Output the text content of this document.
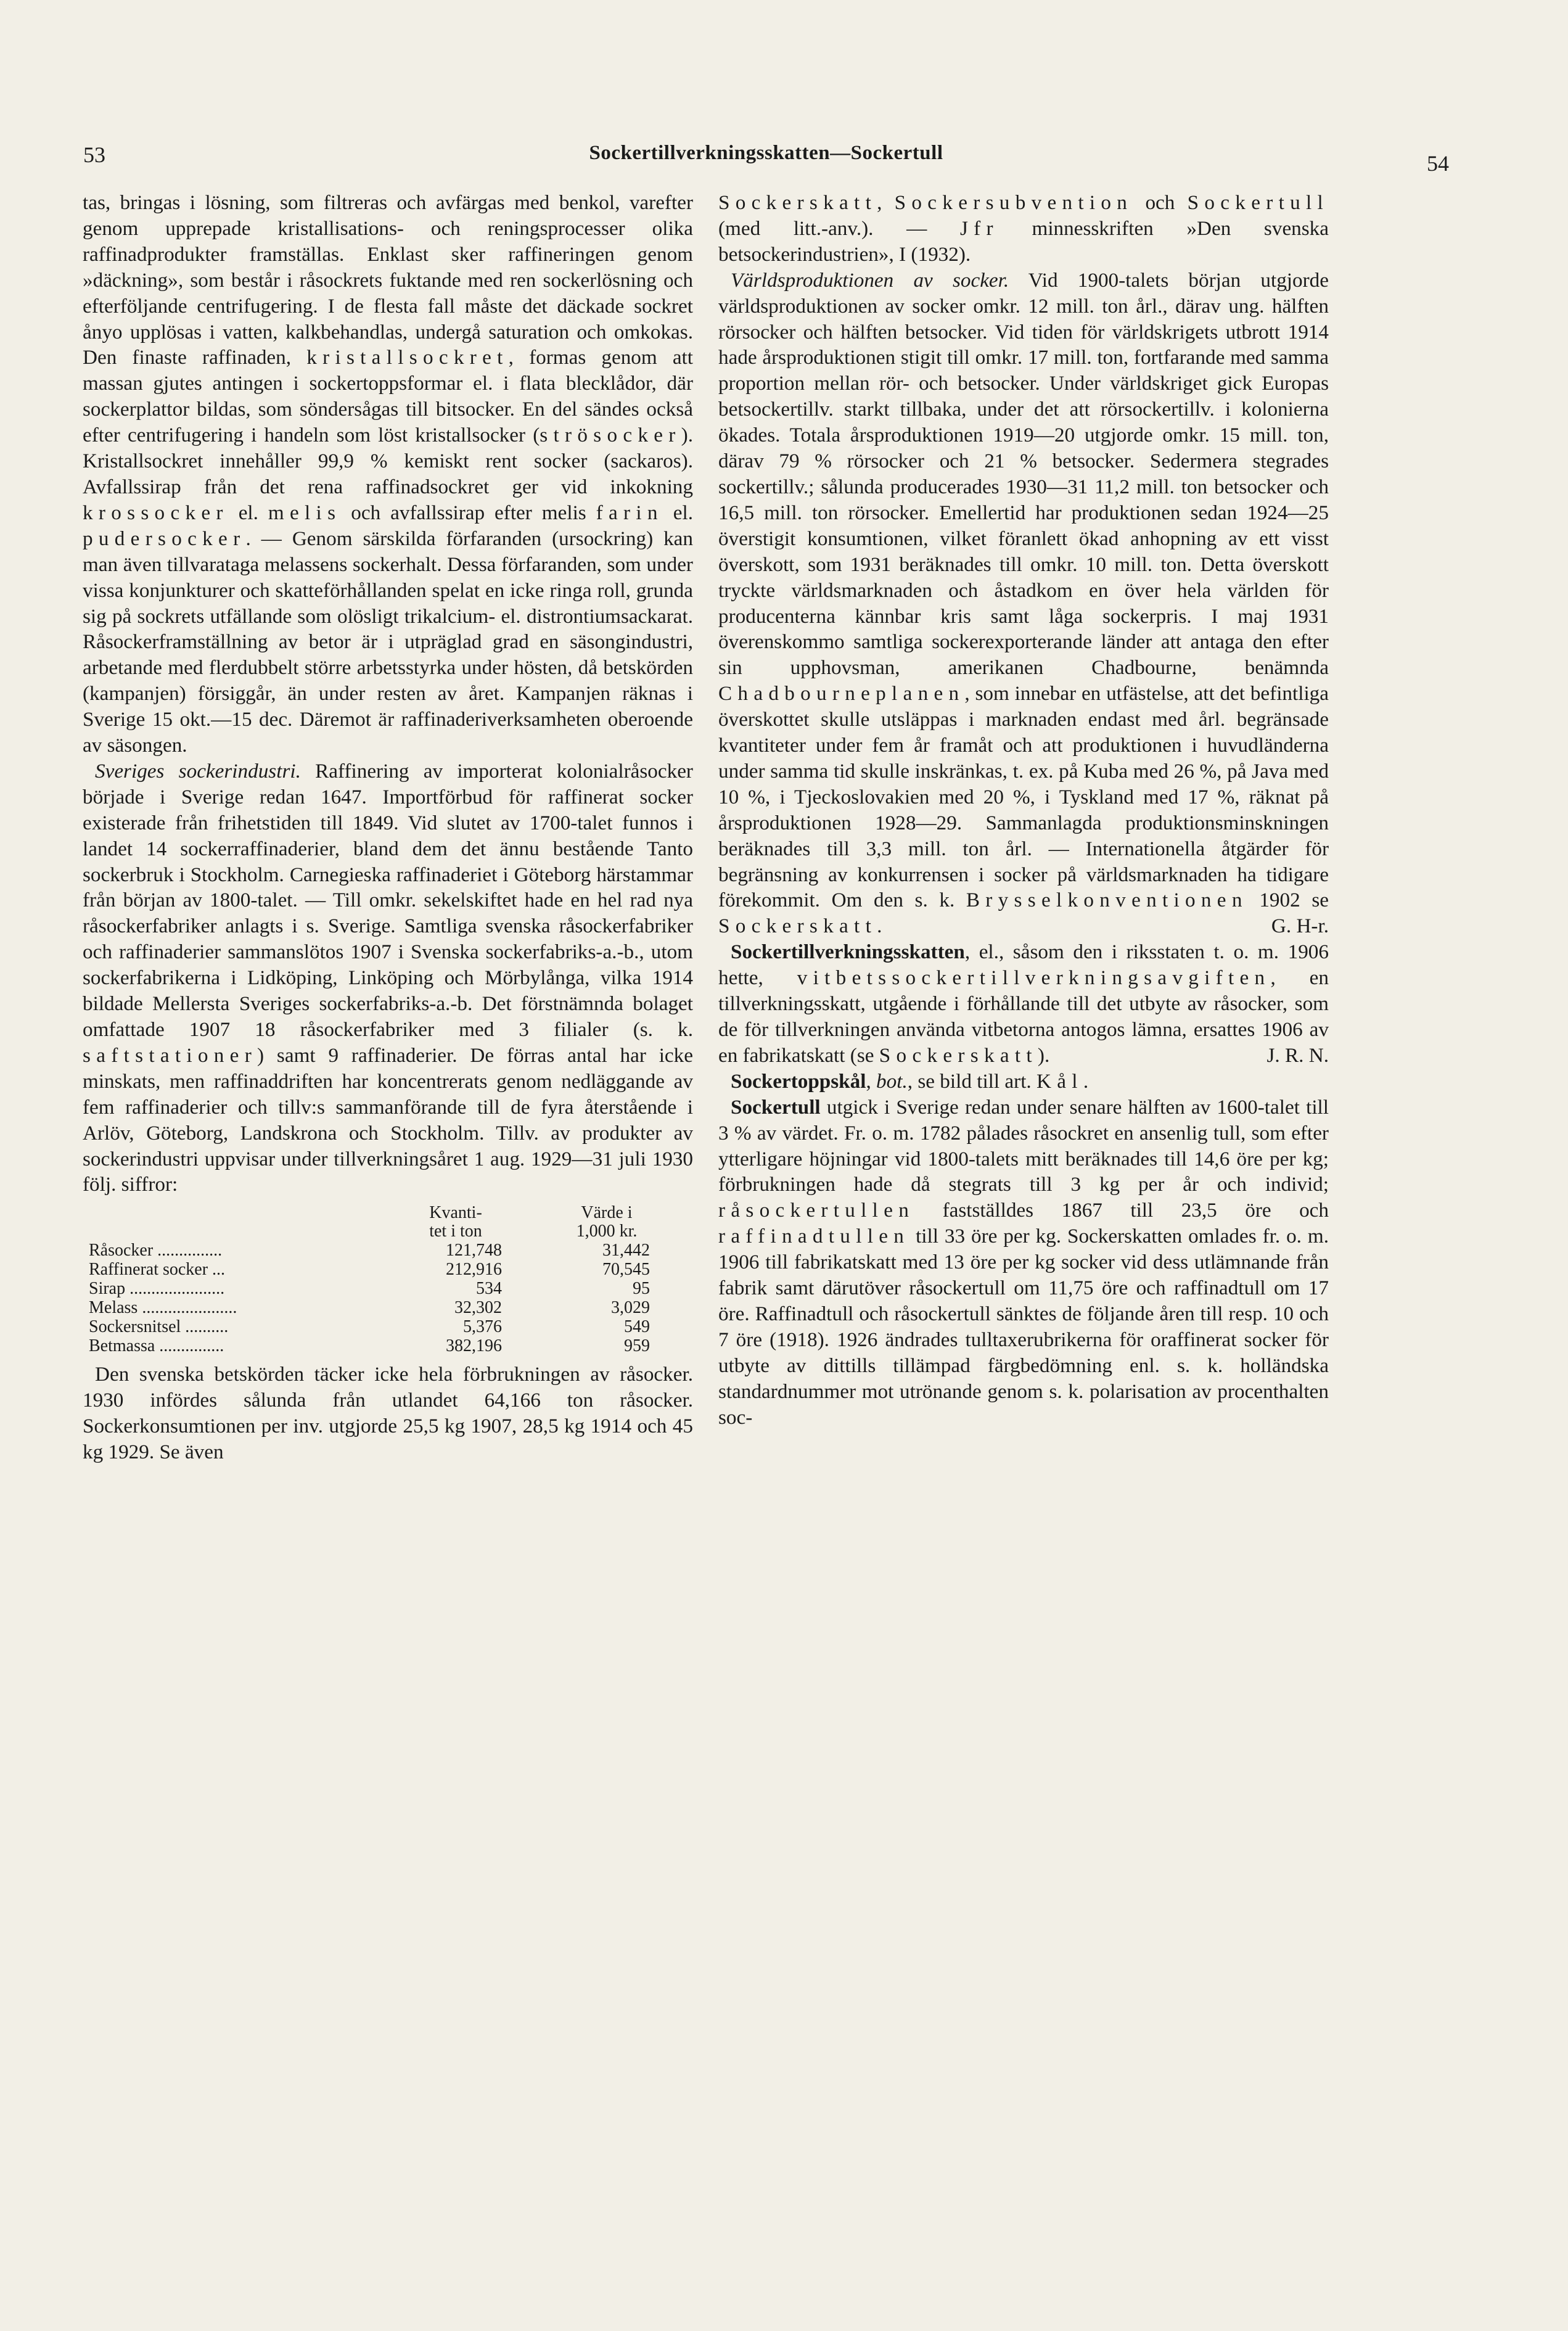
53	Sockertillverkningsskatten—Sockertull	54

tas, bringas i lösning, som filtreras och avfärgas med benkol, varefter genom upprepade kristallisations- och reningsprocesser olika raffinadprodukter framställas. Enklast sker raffineringen genom »däckning», som består i råsockrets fuktande med ren sockerlösning och efterföljande centrifugering. I de flesta fall måste det däckade sockret ånyo upplösas i vatten, kalkbehandlas, undergå saturation och omkokas. Den finaste raffinaden, kristallsockret, formas genom att massan gjutes antingen i sockertoppsformar el. i flata blecklådor, där sockerplattor bildas, som söndersågas till bitsocker. En del sändes också efter centrifugering i handeln som löst kristallsocker (strösocker). Kristallsockret innehåller 99,9 % kemiskt rent socker (sackaros). Avfallssirap från det rena raffinadsockret ger vid inkokning krossocker el. melis och avfallssirap efter melis farin el. pudersocker. — Genom särskilda förfaranden (ursockring) kan man även tillvarataga melassens sockerhalt. Dessa förfaranden, som under vissa konjunkturer och skatteförhållanden spelat en icke ringa roll, grunda sig på sockrets utfällande som olösligt trikalcium- el. distrontiumsackarat. Råsockerframställning av betor är i utpräglad grad en säsongindustri, arbetande med flerdubbelt större arbetsstyrka under hösten, då betskörden (kampanjen) försiggår, än under resten av året. Kampanjen räknas i Sverige 15 okt.—15 dec. Däremot är raffinaderiverksamheten oberoende av säsongen.

Sveriges sockerindustri. Raffinering av importerat kolonialråsocker började i Sverige redan 1647. Importförbud för raffinerat socker existerade från frihetstiden till 1849. Vid slutet av 1700-talet funnos i landet 14 sockerraffinaderier, bland dem det ännu bestående Tanto sockerbruk i Stockholm. Carnegieska raffinaderiet i Göteborg härstammar från början av 1800-talet. — Till omkr. sekelskiftet hade en hel rad nya råsockerfabriker anlagts i s. Sverige. Samtliga svenska råsockerfabriker och raffinaderier sammanslötos 1907 i Svenska sockerfabriks-a.-b., utom sockerfabrikerna i Lidköping, Linköping och Mörbylånga, vilka 1914 bildade Mellersta Sveriges sockerfabriks-a.-b. Det förstnämnda bolaget omfattade 1907 18 råsockerfabriker med 3 filialer (s. k. saftstationer) samt 9 raffinaderier. De förras antal har icke minskats, men raffinaddriften har koncentrerats genom nedläggande av fem raffinaderier och tillv:s sammanförande till de fyra återstående i Arlöv, Göteborg, Landskrona och Stockholm. Tillv. av produkter av sockerindustri uppvisar under tillverkningsåret 1 aug. 1929—31 juli 1930 följ. siffror:

	Kvanti-
tet i ton	Värde i
1,000 kr.
Råsocker ...............	121,748	31,442
Raffinerat socker ...	212,916	70,545
Sirap ......................	534	95
Melass ......................	32,302	3,029
Sockersnitsel ..........	5,376	549
Betmassa ...............	382,196	959

Den svenska betskörden täcker icke hela förbrukningen av råsocker. 1930 infördes sålunda från utlandet 64,166 ton råsocker. Sockerkonsumtionen per inv. utgjorde 25,5 kg 1907, 28,5 kg 1914 och 45 kg 1929. Se även

Sockerskatt, Sockersubvention och Sockertull (med litt.-anv.). — Jfr minnesskriften »Den svenska betsockerindustrien», I (1932).

Världsproduktionen av socker. Vid 1900-talets början utgjorde världsproduktionen av socker omkr. 12 mill. ton årl., därav ung. hälften rörsocker och hälften betsocker. Vid tiden för världskrigets utbrott 1914 hade årsproduktionen stigit till omkr. 17 mill. ton, fortfarande med samma proportion mellan rör- och betsocker. Under världskriget gick Europas betsockertillv. starkt tillbaka, under det att rörsockertillv. i kolonierna ökades. Totala årsproduktionen 1919—20 utgjorde omkr. 15 mill. ton, därav 79 % rörsocker och 21 % betsocker. Sedermera stegrades sockertillv.; sålunda producerades 1930—31 11,2 mill. ton betsocker och 16,5 mill. ton rörsocker. Emellertid har produktionen sedan 1924—25 överstigit konsumtionen, vilket föranlett ökad anhopning av ett visst överskott, som 1931 beräknades till omkr. 10 mill. ton. Detta överskott tryckte världsmarknaden och åstadkom en över hela världen för producenterna kännbar kris samt låga sockerpris. I maj 1931 överenskommo samtliga sockerexporterande länder att antaga den efter sin upphovsman, amerikanen Chadbourne, benämnda Chadbourneplanen, som innebar en utfästelse, att det befintliga överskottet skulle utsläppas i marknaden endast med årl. begränsade kvantiteter under fem år framåt och att produktionen i huvudländerna under samma tid skulle inskränkas, t. ex. på Kuba med 26 %, på Java med 10 %, i Tjeckoslovakien med 20 %, i Tyskland med 17 %, räknat på årsproduktionen 1928—29. Sammanlagda produktionsminskningen beräknades till 3,3 mill. ton årl. — Internationella åtgärder för begränsning av konkurrensen i socker på världsmarknaden ha tidigare förekommit. Om den s. k. Brysselkonventionen 1902 se Sockerskatt.	G. H-r.

Sockertillverkningsskatten, el., såsom den i riksstaten t. o. m. 1906 hette, vitbetssockertillverkningsavgiften, en tillverkningsskatt, utgående i förhållande till det utbyte av råsocker, som de för tillverkningen använda vitbetorna antogos lämna, ersattes 1906 av en fabrikatskatt (se Sockerskatt).	J. R. N.

Sockertoppskål, bot., se bild till art. Kål.

Sockertull utgick i Sverige redan under senare hälften av 1600-talet till 3 % av värdet. Fr. o. m. 1782 pålades råsockret en ansenlig tull, som efter ytterligare höjningar vid 1800-talets mitt beräknades till 14,6 öre per kg; förbrukningen hade då stegrats till 3 kg per år och individ; råsockertullen fastställdes 1867 till 23,5 öre och raffinadtullen till 33 öre per kg. Sockerskatten omlades fr. o. m. 1906 till fabrikatskatt med 13 öre per kg socker vid dess utlämnande från fabrik samt därutöver råsockertull om 11,75 öre och raffinadtull om 17 öre. Raffinadtull och råsockertull sänktes de följande åren till resp. 10 och 7 öre (1918). 1926 ändrades tulltaxerubrikerna för oraffinerat socker för utbyte av dittills tillämpad färgbedömning enl. s. k. holländska standardnummer mot utrönande genom s. k. polarisation av procenthalten soc-
